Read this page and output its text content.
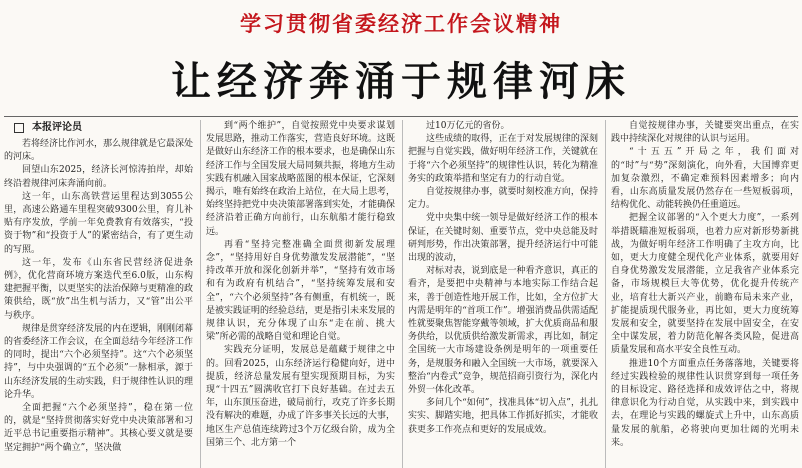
学习贯彻省委经济工作会议精神
让经济奔涌于规律河床
本报评论员

若将经济比作河水，那么规律就是它最深处的河床。

回望山东2025，经济长河惊涛拍岸，却始终沿着规律河床奔涌向前。

这一年，山东高铁营运里程达到3055公里，高速公路通车里程突破9300公里，育儿补贴有序发放，学前一年免费教育有效落实，“投资于物”和“投资于人”的紧密结合，有了更生动的写照。

这一年，发布《山东省民营经济促进条例》，优化营商环境方案迭代至6.0版，山东构建把握平衡，以更坚实的法治保障与更精准的政策供给，既“放”出生机与活力，又“管”出公平与秩序。

规律是贯穿经济发展的内在逻辑，刚刚闭幕的省委经济工作会议，在全面总结今年经济工作的同时，提出“六个必须坚持”。这“六个必须坚持”，与中央强调的“五个必须”一脉相承，源于山东经济发展的生动实践，归于规律性认识的理论升华。

全面把握“六个必须坚持”，稳在第一位的，就是“坚持贯彻落实好党中央决策部署和习近平总书记重要指示精神”。其核心要义就是要坚定拥护“两个确立”，坚决做

到“两个维护”，自觉按照党中央要求谋划发展思路，推动工作落实，营造良好环境。这既是做好山东经济工作的根本要求，也是确保山东经济工作与全国发展大局同频共振，将地方生动实践有机融入国家战略蓝图的根本保证，它深刻揭示，唯有始终在政治上站位，在大局上思考，始终坚持把党中央决策部署落到实处，才能确保经济沿着正确方向前行，山东航船才能行稳致远。

再看“坚持完整准确全面贯彻新发展理念”，“坚持用好自身优势激发发展潜能”，“坚持改革开放和深化创新并举”，“坚持有效市场和有为政府有机结合”，“坚持统筹发展和安全”，“六个必须坚持”各有侧重，有机统一，既是被实践证明的经验总结，更是指引未来发展的规律认识，充分体现了山东“走在前、挑大梁”所必需的战略自觉和理论自觉。

实践充分证明，发展总是蕴藏于规律之中的。回看2025，山东经济运行稳健向好，迸中提质，经济总量发展有望实现预期目标，为实现“十四五”圆满收官打下良好基础。在过去五年，山东顶压奋进，破局前行，攻克了许多长期没有解决的难题，办成了许多事关长远的大事，地区生产总值连续跨过3个万亿级台阶，成为全国第三个、北方第一个

过10万亿元的省份。

这些成绩的取得，正在于对发展规律的深刻把握与自觉实践，做好明年经济工作，关键就在于将“六个必须坚持”的规律性认识，转化为精准务实的政策举措和坚定有力的行动自觉。

自觉按规律办事，就要时刻校准方向，保持定力。

党中央集中统一领导是做好经济工作的根本保证，在关键时刻、重要节点，党中央总能及时研判形势，作出决策部署，提升经济运行中可能出现的波动，

对标对表，说到底是一种看齐意识，真正的看齐，是要把中央精神与本地实际工作结合起来，善于创造性地开展工作，比如，全方位扩大内需是明年的“首项工作”。增强消费品供需适配性就要聚焦智能穿戴等领域，扩大优质商品和服务供给，以优质供给激发新需求，再比如，制定全国统一大市场建设条例是明年的一项重要任务，是规服务和融入全国统一大市场，就要深入整治“内卷式”竞争，规范招商引资行为，深化内外贸一体化改革。

多问几个“如何”，找准具体“切入点”，扎扎实实、脚踏实地，把具体工作抓好抓实，才能收获更多工作亮点和更好的发展成效。

自觉按规律办事，关键要突出重点，在实践中持续深化对规律的认识与运用。

“十五五”开局之年，我们面对的“时”与“势”深刻演化，向外看，大国博弈更加复杂激烈，不确定难预料因素增多；向内看，山东高质量发展仍然存在一些短板弱项，结构优化、动能转换仍任重道远。

把握全议部署的“入个更大力度”，一系列举措既瞄准短板弱项，也着力应对新形势新挑战，为做好明年经济工作明确了主攻方向，比如，更大力度健全现代化产业体系，就要用好自身优势激发发展潜能，立足我省产业体系完备，市场规模巨大等优势，优化提升传统产业，培育壮大新兴产业，前瞻布局未来产业，扩能提质现代服务业，再比如，更大力度统筹发展和安全，就要坚持在发展中固安全，在安全中谋发展，着力防范化解各类风险，促进高质量发展和高水平安全良性互动。

推进10个方面重点任务落落地，关键要将经过实践检验的规律性认识贯穿到每一项任务的目标设定、路径选择和成效评估之中，将规律意识化为行动自觉，从实践中来，到实践中去，在理论与实践的螺旋式上升中，山东高质量发展的航船，必将驶向更加壮阔的光明未来。
